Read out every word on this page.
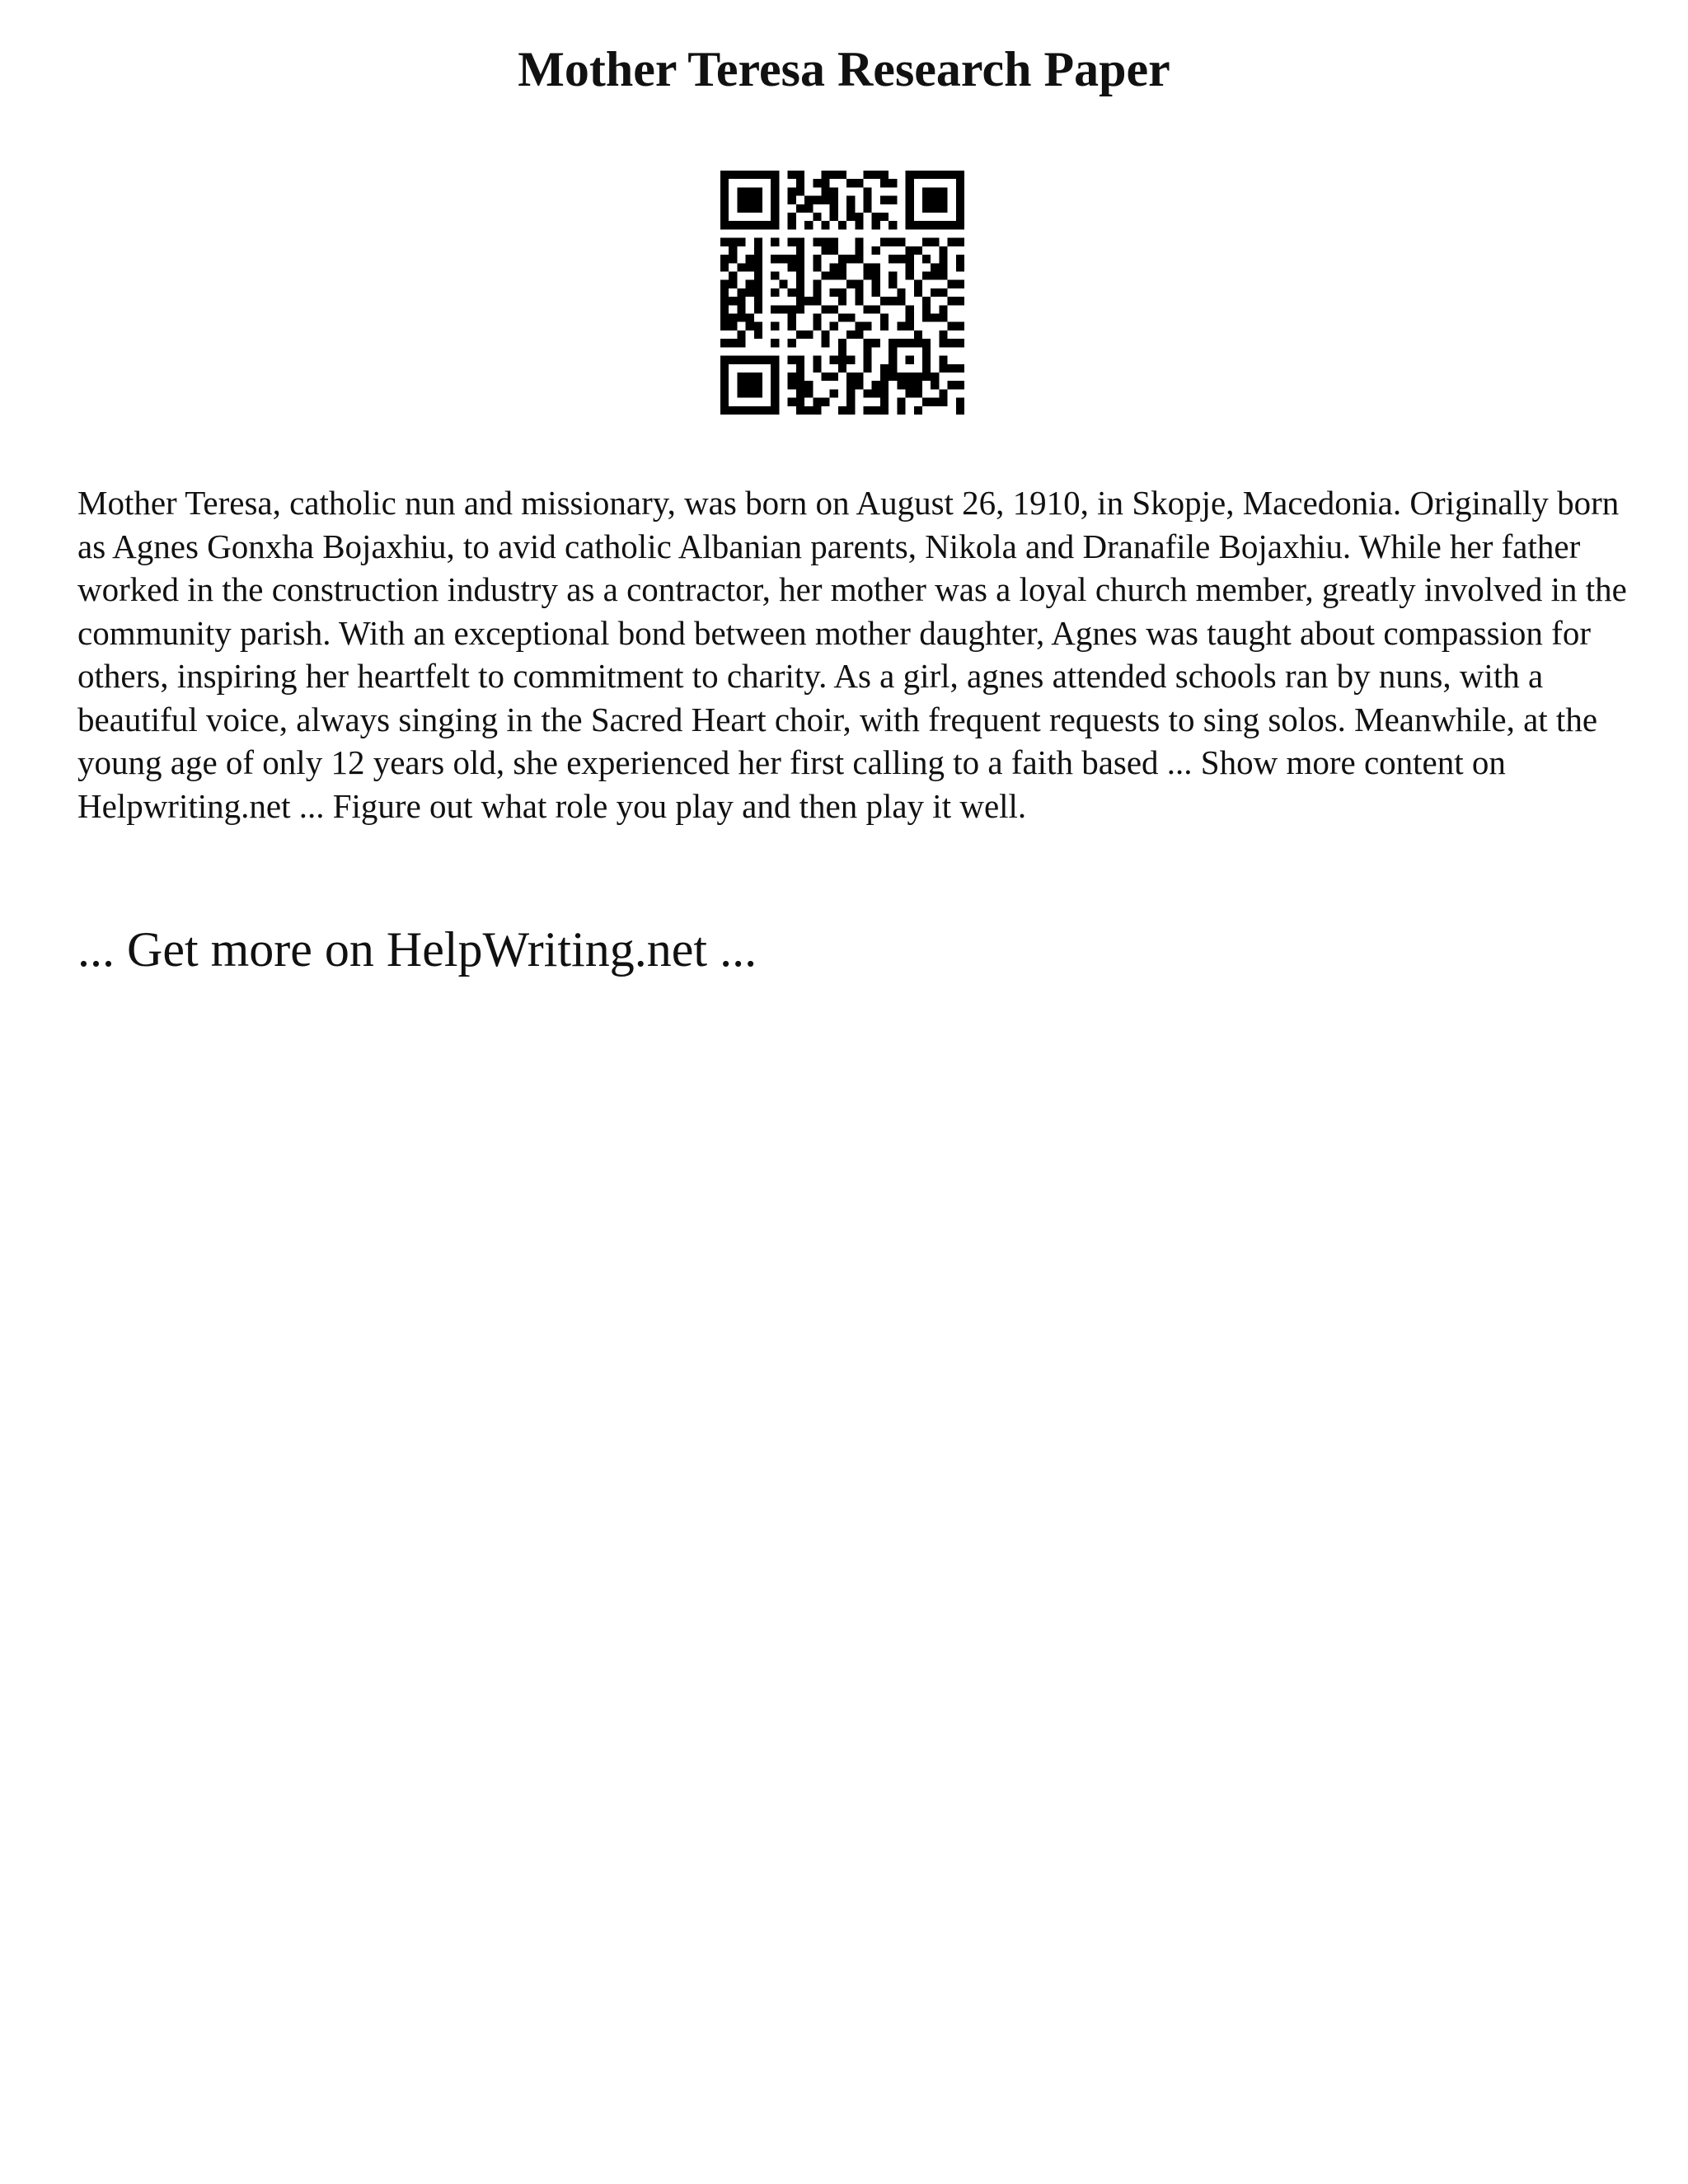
Mother Teresa Research Paper

Mother Teresa, catholic nun and missionary, was born on August 26, 1910, in Skopje, Macedonia. Originally born as Agnes Gonxha Bojaxhiu, to avid catholic Albanian parents, Nikola and Dranafile Bojaxhiu. While her father worked in the construction industry as a contractor, her mother was a loyal church member, greatly involved in the community parish. With an exceptional bond between mother daughter, Agnes was taught about compassion for others, inspiring her heartfelt to commitment to charity. As a girl, agnes attended schools ran by nuns, with a beautiful voice, always singing in the Sacred Heart choir, with frequent requests to sing solos. Meanwhile, at the young age of only 12 years old, she experienced her first calling to a faith based ... Show more content on Helpwriting.net ... Figure out what role you play and then play it well.

... Get more on HelpWriting.net ...
